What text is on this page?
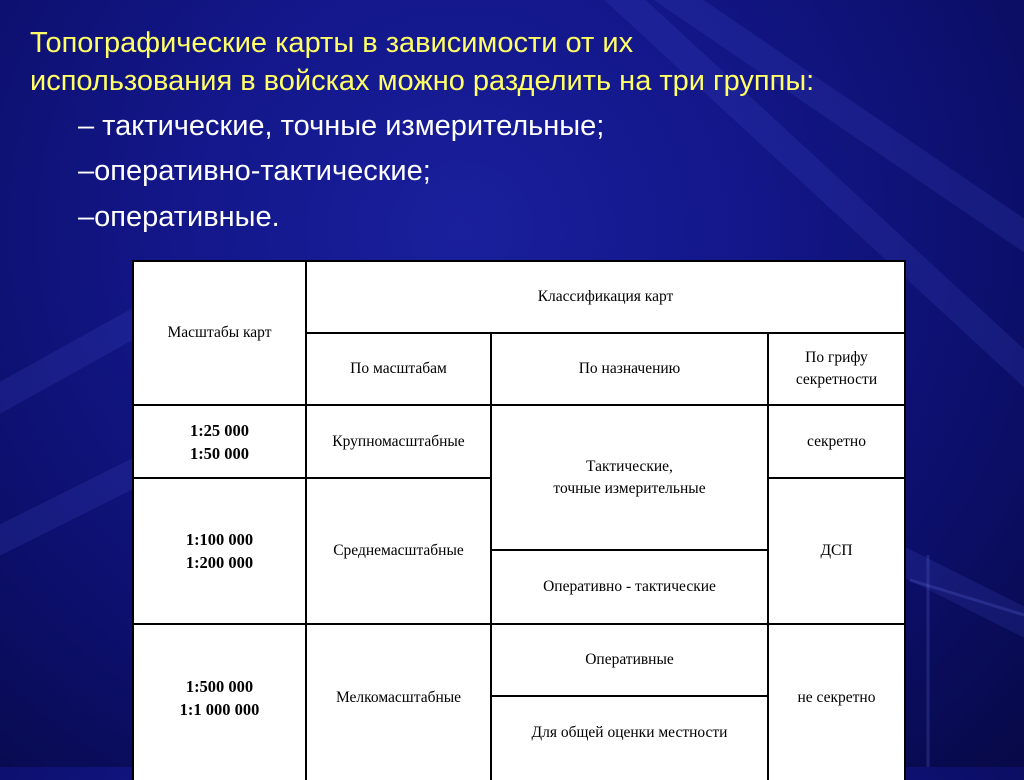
Топографические карты в зависимости от их
использования в войсках можно разделить на три группы:
– тактические, точные измерительные;
–оперативно-тактические;
–оперативные.
Масштабы карт
Классификация карт
По масштабам	По назначению
По грифу
секретности
1:25 000
1:50 000
1:100 000
1:200 000
1:500 000
1:1 000 000
Крупномасштабные
Среднемасштабные
Мелкомасштабные
Тактические,
точные измерительные
Оперативно - тактические
Оперативные
Для общей оценки местности
секретно
ДСП
не секретно
